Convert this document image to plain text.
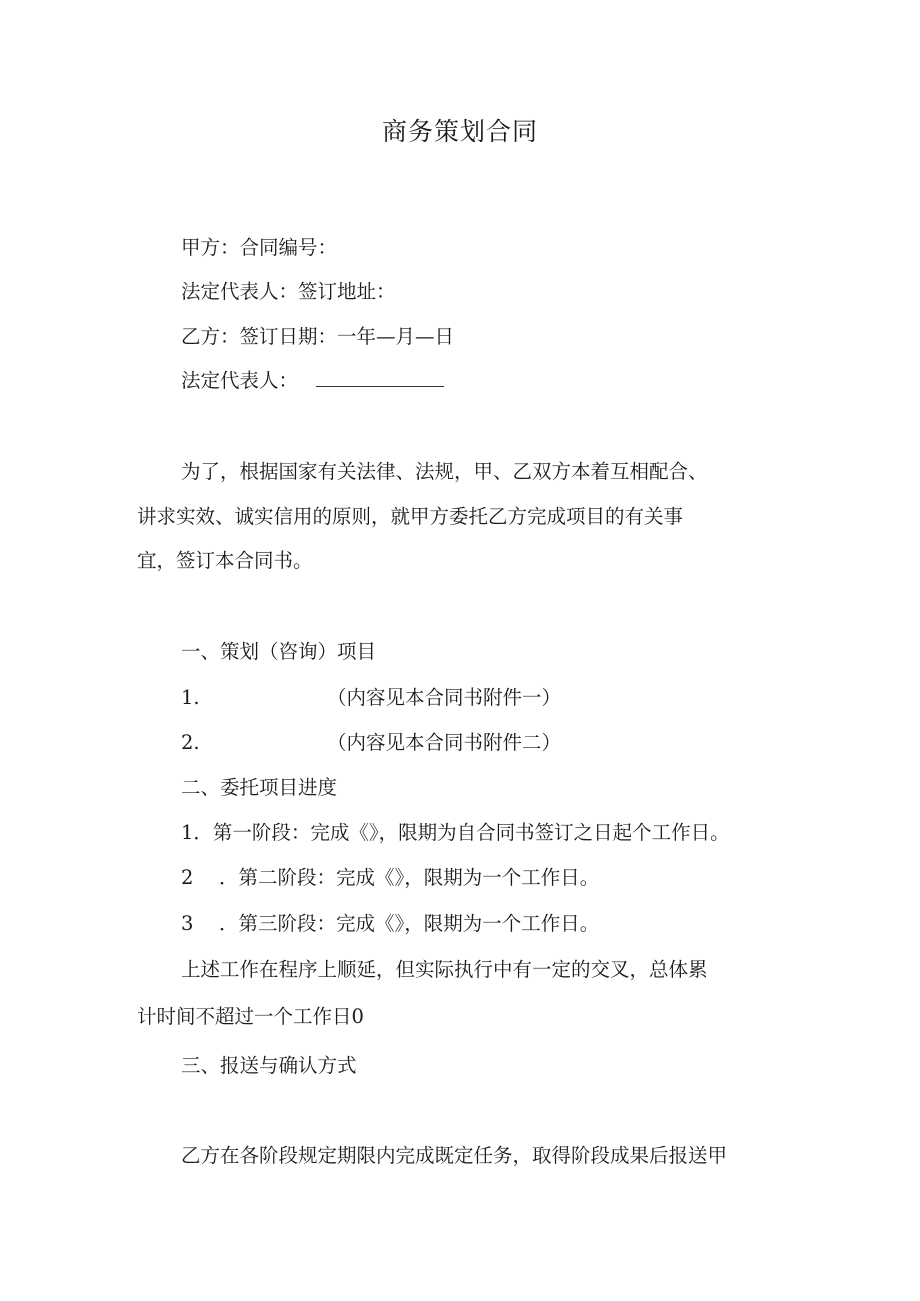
商务策划合同
甲方：合同编号：
法定代表人：签订地址：
乙方：签订日期：一年—月—日
法定代表人：
为了，根据国家有关法律、法规，甲、乙双方本着互相配合、
讲求实效、诚实信用的原则，就甲方委托乙方完成项目的有关事
宜，签订本合同书。
一、策划（咨询）项目
1.	（内容见本合同书附件一）
2.	（内容见本合同书附件二）
二、委托项目进度
1．第一阶段：完成《》，限期为自合同书签订之日起个工作日。
2 ．第二阶段：完成《》，限期为一个工作日。
3 ．第三阶段：完成《》，限期为一个工作日。
上述工作在程序上顺延，但实际执行中有一定的交叉，总体累
计时间不超过一个工作日0
三、报送与确认方式
乙方在各阶段规定期限内完成既定任务，取得阶段成果后报送甲
